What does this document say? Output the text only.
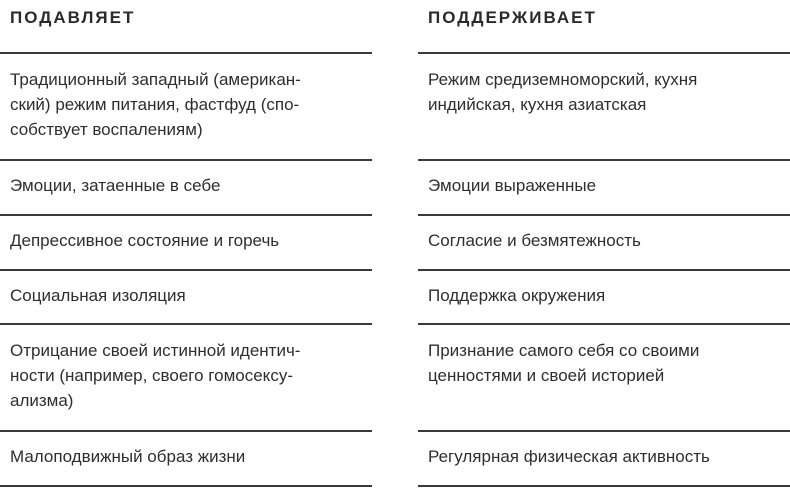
ПОДАВЛЯЕТ
Традиционный западный (американ-
ский) режим питания, фастфуд (спо-
собствует воспалениям)
Эмоции, затаенные в себе
Депрессивное состояние и горечь
Социальная изоляция
Отрицание своей истинной идентич-
ности (например, своего гомосексу-
ализма)
Малоподвижный образ жизни
ПОДДЕРЖИВАЕТ
Режим средиземноморский, кухня
индийская, кухня азиатская
Эмоции выраженные
Согласие и безмятежность
Поддержка окружения
Признание самого себя со своими
ценностями и своей историей
Регулярная физическая активность
